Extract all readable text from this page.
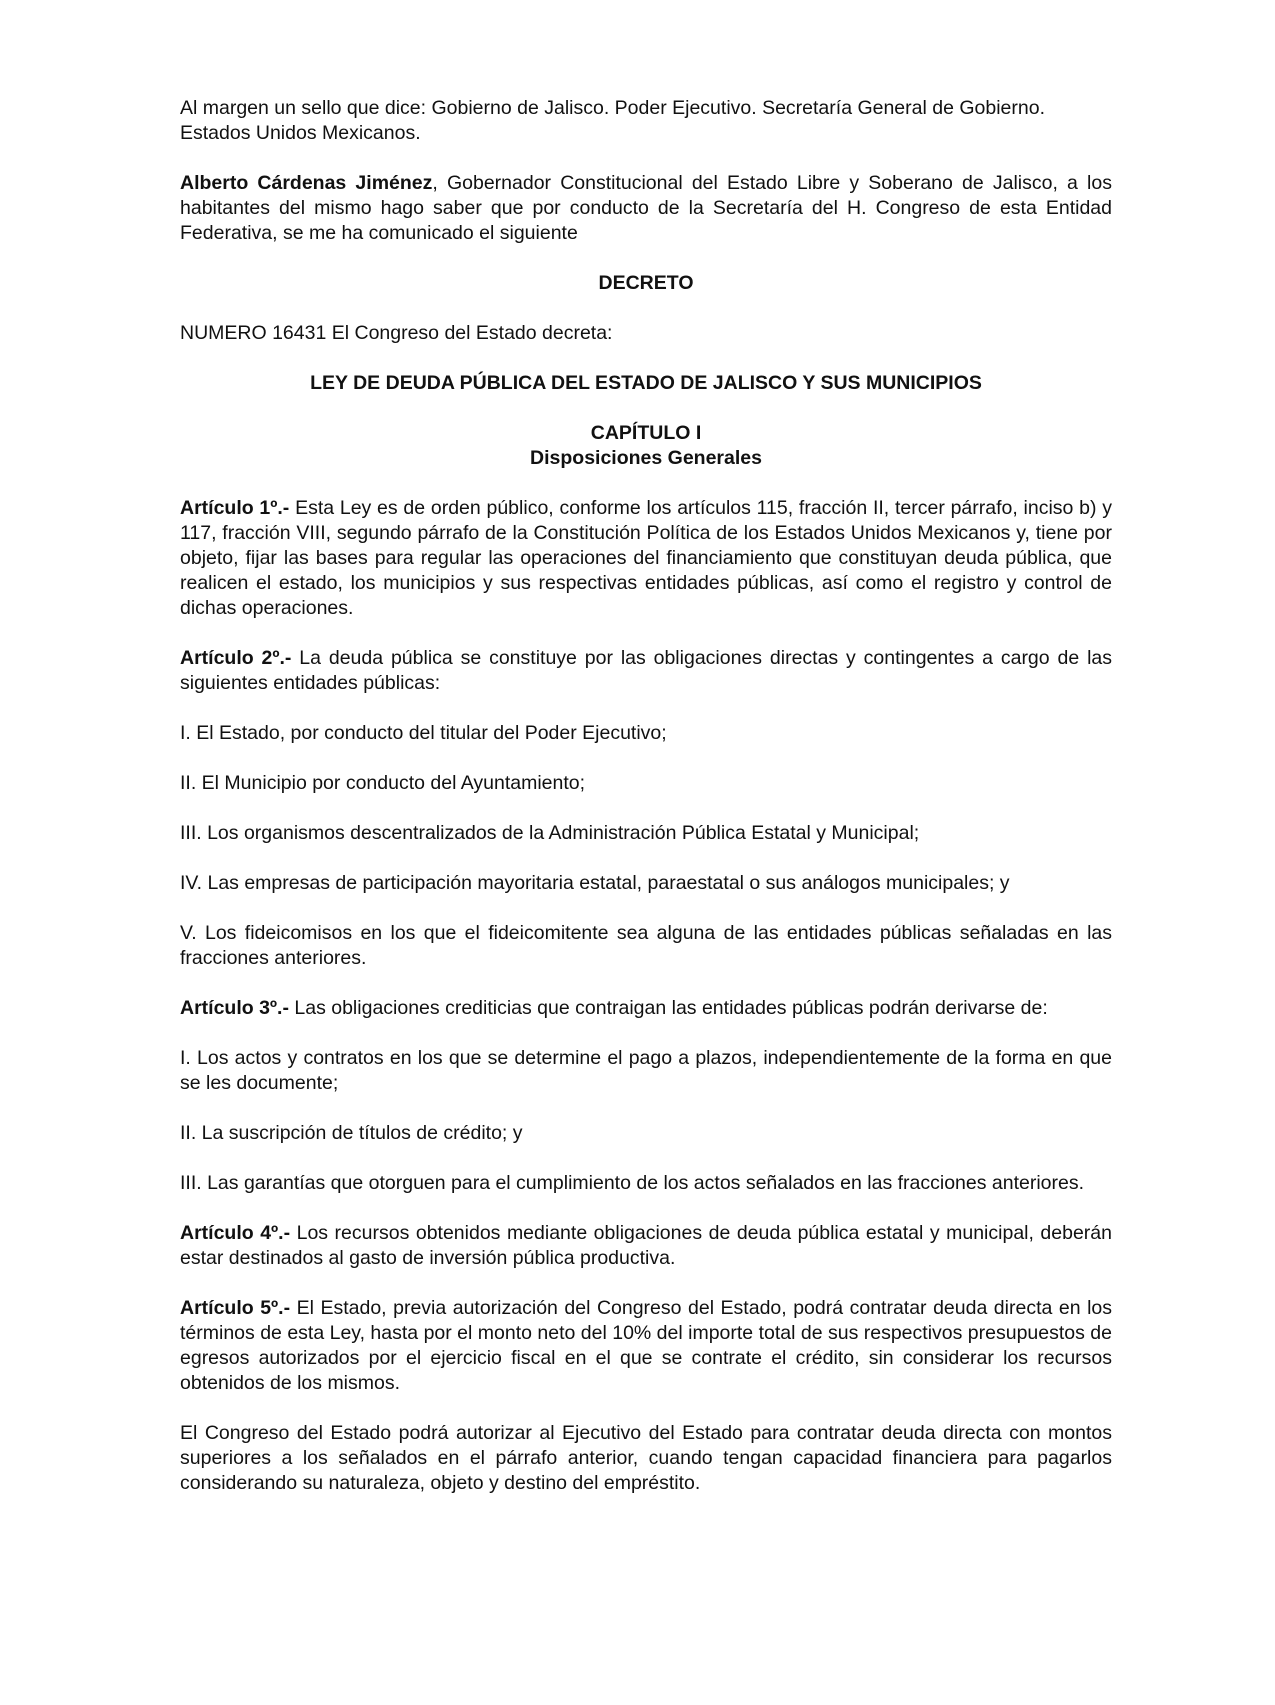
Al margen un sello que dice: Gobierno de Jalisco. Poder Ejecutivo. Secretaría General de Gobierno. Estados Unidos Mexicanos.

Alberto Cárdenas Jiménez, Gobernador Constitucional del Estado Libre y Soberano de Jalisco, a los habitantes del mismo hago saber que por conducto de la Secretaría del H. Congreso de esta Entidad Federativa, se me ha comunicado el siguiente

DECRETO

NUMERO 16431 El Congreso del Estado decreta:

LEY DE DEUDA PÚBLICA DEL ESTADO DE JALISCO Y SUS MUNICIPIOS

CAPÍTULO I
Disposiciones Generales

Artículo 1º.- Esta Ley es de orden público, conforme los artículos 115, fracción II, tercer párrafo, inciso b) y 117, fracción VIII, segundo párrafo de la Constitución Política de los Estados Unidos Mexicanos y, tiene por objeto, fijar las bases para regular las operaciones del financiamiento que constituyan deuda pública, que realicen el estado, los municipios y sus respectivas entidades públicas, así como el registro y control de dichas operaciones.

Artículo 2º.- La deuda pública se constituye por las obligaciones directas y contingentes a cargo de las siguientes entidades públicas:

I. El Estado, por conducto del titular del Poder Ejecutivo;

II. El Municipio por conducto del Ayuntamiento;

III. Los organismos descentralizados de la Administración Pública Estatal y Municipal;

IV. Las empresas de participación mayoritaria estatal, paraestatal o sus análogos municipales; y

V. Los fideicomisos en los que el fideicomitente sea alguna de las entidades públicas señaladas en las fracciones anteriores.

Artículo 3º.- Las obligaciones crediticias que contraigan las entidades públicas podrán derivarse de:

I. Los actos y contratos en los que se determine el pago a plazos, independientemente de la forma en que se les documente;

II. La suscripción de títulos de crédito; y

III. Las garantías que otorguen para el cumplimiento de los actos señalados en las fracciones anteriores.

Artículo 4º.- Los recursos obtenidos mediante obligaciones de deuda pública estatal y municipal, deberán estar destinados al gasto de inversión pública productiva.

Artículo 5º.- El Estado, previa autorización del Congreso del Estado, podrá contratar deuda directa en los términos de esta Ley, hasta por el monto neto del 10% del importe total de sus respectivos presupuestos de egresos autorizados por el ejercicio fiscal en el que se contrate el crédito, sin considerar los recursos obtenidos de los mismos.

El Congreso del Estado podrá autorizar al Ejecutivo del Estado para contratar deuda directa con montos superiores a los señalados en el párrafo anterior, cuando tengan capacidad financiera para pagarlos considerando su naturaleza, objeto y destino del empréstito.
